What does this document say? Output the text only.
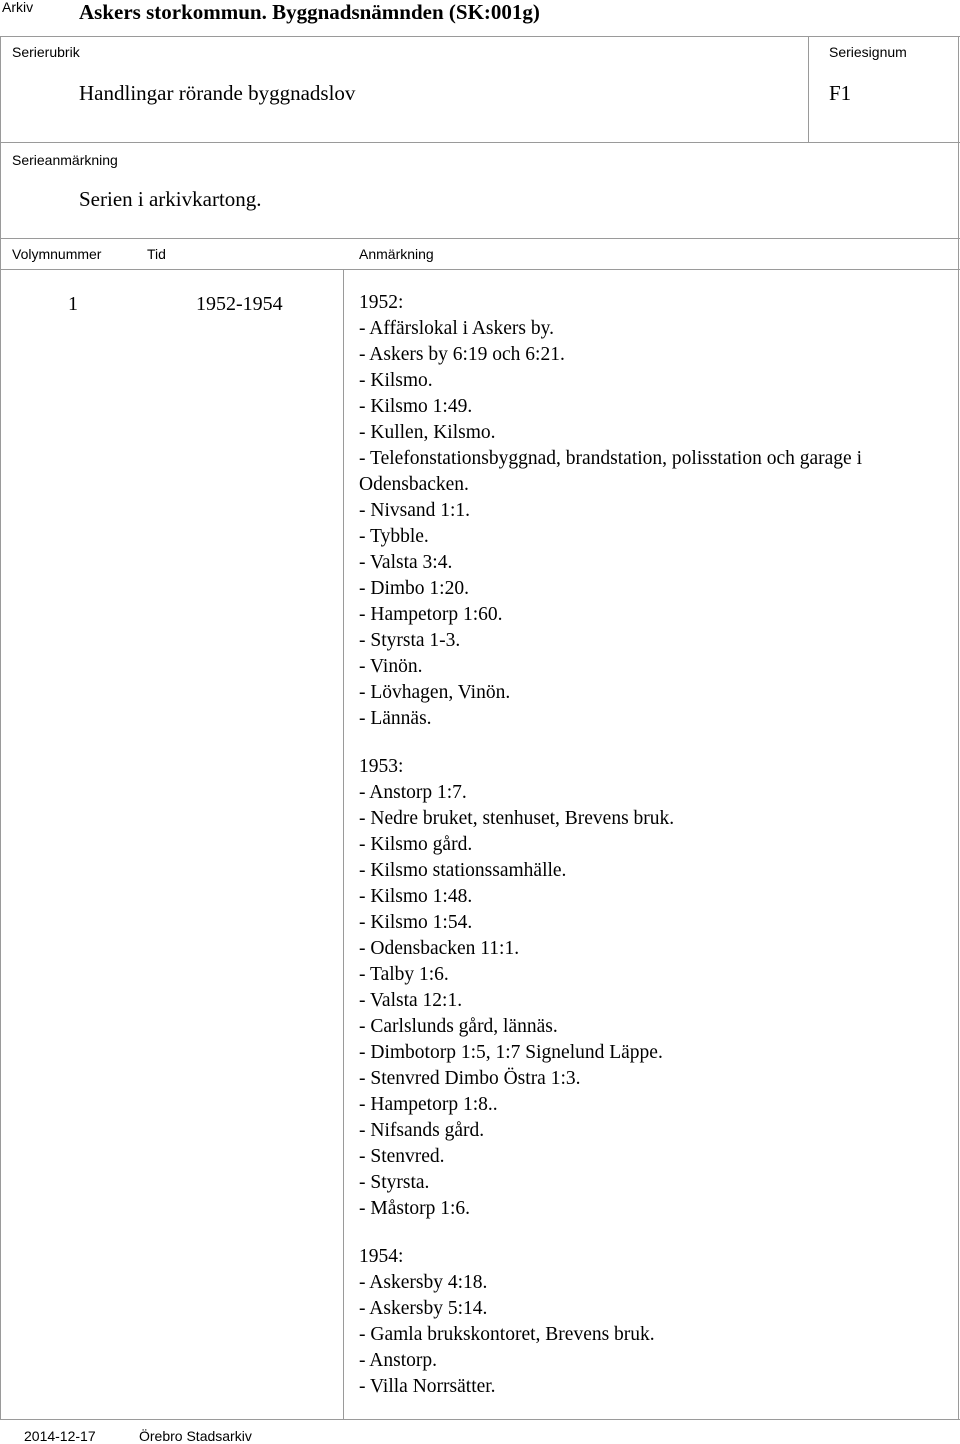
Arkiv Askers storkommun. Byggnadsnämnden (SK:001g)
Serierubrik
Handlingar rörande byggnadslov
Seriesignum
F1
Serieanmärkning
Serien i arkivkartong.
Volymnummer	Tid	Anmärkning
1	1952-1954	1952:
- Affärslokal i Askers by.
- Askers by 6:19 och 6:21.
- Kilsmo.
- Kilsmo 1:49.
- Kullen, Kilsmo.
- Telefonstationsbyggnad, brandstation, polisstation och garage i
Odensbacken.
- Nivsand 1:1.
- Tybble.
- Valsta 3:4.
- Dimbo 1:20.
- Hampetorp 1:60.
- Styrsta 1-3.
- Vinön.
- Lövhagen, Vinön.
- Lännäs.
1953:
- Anstorp 1:7.
- Nedre bruket, stenhuset, Brevens bruk.
- Kilsmo gård.
- Kilsmo stationssamhälle.
- Kilsmo 1:48.
- Kilsmo 1:54.
- Odensbacken 11:1.
- Talby 1:6.
- Valsta 12:1.
- Carlslunds gård, lännäs.
- Dimbotorp 1:5, 1:7 Signelund Läppe.
- Stenvred Dimbo Östra 1:3.
- Hampetorp 1:8..
- Nifsands gård.
- Stenvred.
- Styrsta.
- Måstorp 1:6.
1954:
- Askersby 4:18.
- Askersby 5:14.
- Gamla brukskontoret, Brevens bruk.
- Anstorp.
- Villa Norrsätter.
2014-12-17	Örebro Stadsarkiv
